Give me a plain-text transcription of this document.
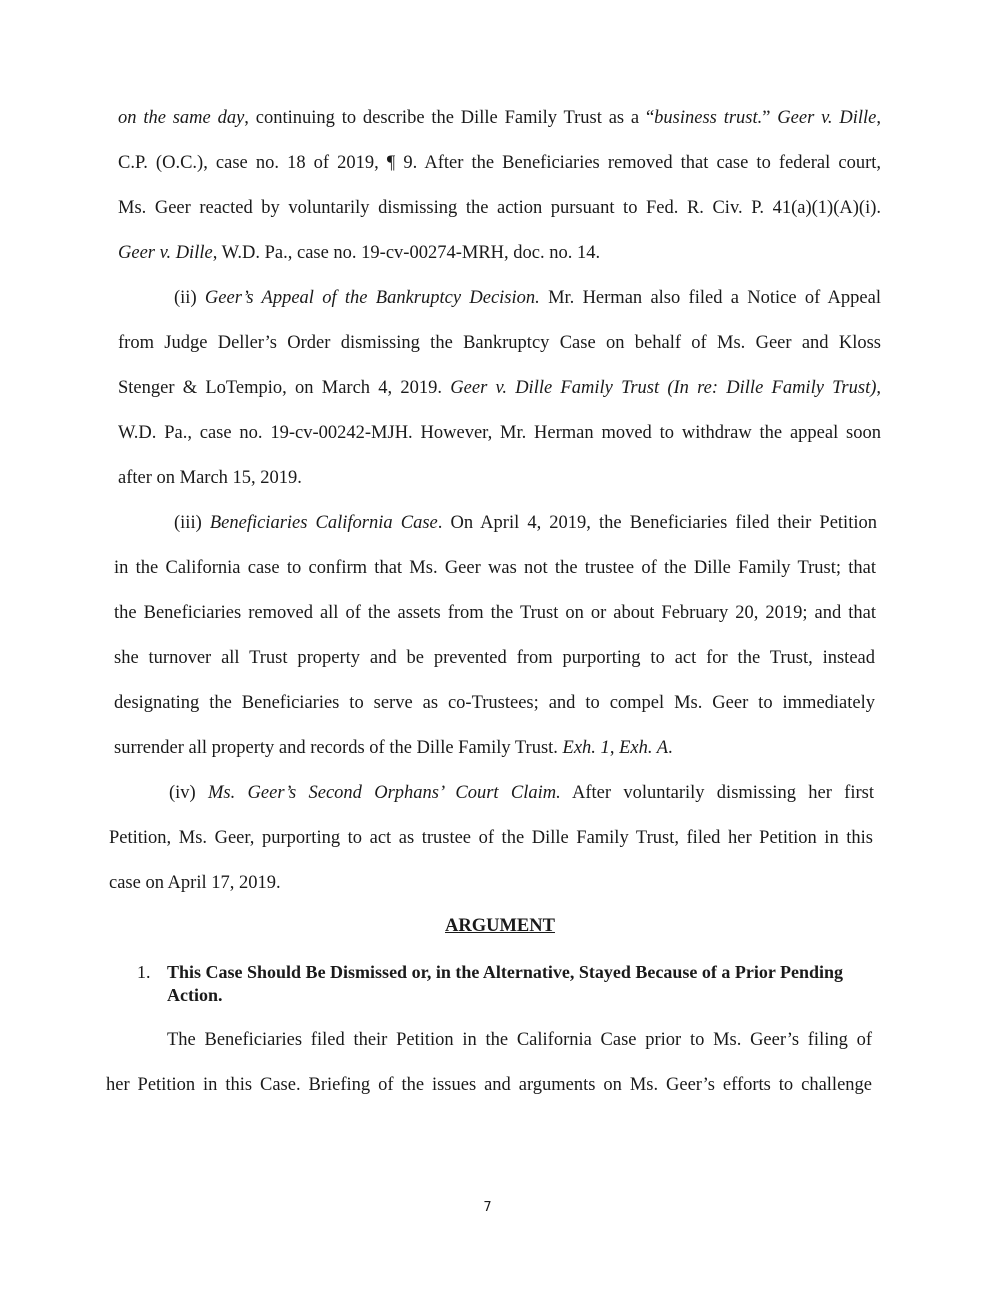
on the same day, continuing to describe the Dille Family Trust as a “business trust.” Geer v. Dille,
C.P. (O.C.), case no. 18 of 2019, ¶ 9. After the Beneficiaries removed that case to federal court,
Ms. Geer reacted by voluntarily dismissing the action pursuant to Fed. R. Civ. P. 41(a)(1)(A)(i).
Geer v. Dille, W.D. Pa., case no. 19-cv-00274-MRH, doc. no. 14.
(ii) Geer’s Appeal of the Bankruptcy Decision. Mr. Herman also filed a Notice of Appeal
from Judge Deller’s Order dismissing the Bankruptcy Case on behalf of Ms. Geer and Kloss
Stenger & LoTempio, on March 4, 2019. Geer v. Dille Family Trust (In re: Dille Family Trust),
W.D. Pa., case no. 19-cv-00242-MJH. However, Mr. Herman moved to withdraw the appeal soon
after on March 15, 2019.
(iii) Beneficiaries California Case. On April 4, 2019, the Beneficiaries filed their Petition
in the California case to confirm that Ms. Geer was not the trustee of the Dille Family Trust; that
the Beneficiaries removed all of the assets from the Trust on or about February 20, 2019; and that
she turnover all Trust property and be prevented from purporting to act for the Trust, instead
designating the Beneficiaries to serve as co-Trustees; and to compel Ms. Geer to immediately
surrender all property and records of the Dille Family Trust. Exh. 1, Exh. A.
(iv) Ms. Geer’s Second Orphans’ Court Claim. After voluntarily dismissing her first
Petition, Ms. Geer, purporting to act as trustee of the Dille Family Trust, filed her Petition in this
case on April 17, 2019.
ARGUMENT
1. This Case Should Be Dismissed or, in the Alternative, Stayed Because of a Prior Pending Action.
The Beneficiaries filed their Petition in the California Case prior to Ms. Geer’s filing of
her Petition in this Case. Briefing of the issues and arguments on Ms. Geer’s efforts to challenge
7
